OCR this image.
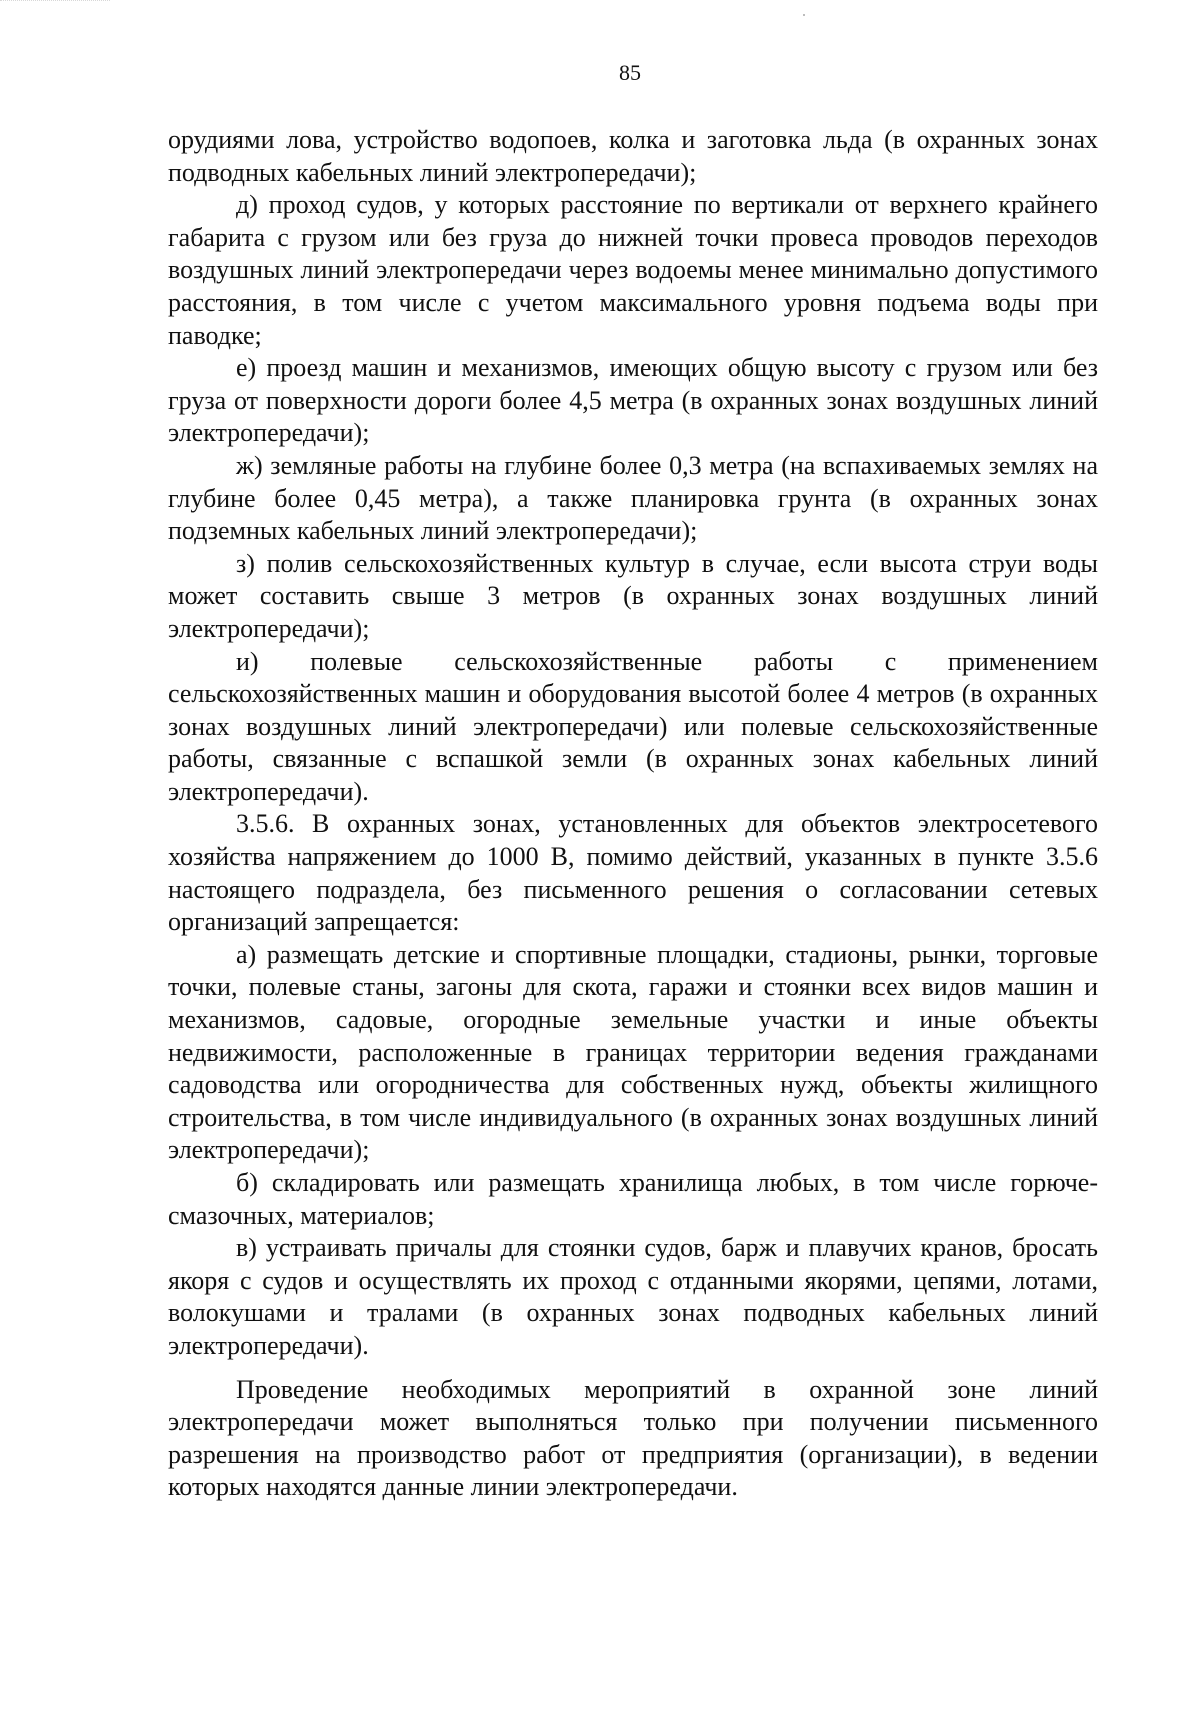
85

орудиями лова, устройство водопоев, колка и заготовка льда (в охранных зонах подводных кабельных линий электропередачи);

д) проход судов, у которых расстояние по вертикали от верхнего крайнего габарита с грузом или без груза до нижней точки провеса проводов переходов воздушных линий электропередачи через водоемы менее минимально допустимого расстояния, в том числе с учетом максимального уровня подъема воды при паводке;

е) проезд машин и механизмов, имеющих общую высоту с грузом или без груза от поверхности дороги более 4,5 метра (в охранных зонах воздушных линий электропередачи);

ж) земляные работы на глубине более 0,3 метра (на вспахиваемых землях на глубине более 0,45 метра), а также планировка грунта (в охранных зонах подземных кабельных линий электропередачи);

з) полив сельскохозяйственных культур в случае, если высота струи воды может составить свыше 3 метров (в охранных зонах воздушных линий электропередачи);

и) полевые сельскохозяйственные работы с применением сельскохозяйственных машин и оборудования высотой более 4 метров (в охранных зонах воздушных линий электропередачи) или полевые сельскохозяйственные работы, связанные с вспашкой земли (в охранных зонах кабельных линий электропередачи).

3.5.6. В охранных зонах, установленных для объектов электросетевого хозяйства напряжением до 1000 В, помимо действий, указанных в пункте 3.5.6 настоящего подраздела, без письменного решения о согласовании сетевых организаций запрещается:

а) размещать детские и спортивные площадки, стадионы, рынки, торговые точки, полевые станы, загоны для скота, гаражи и стоянки всех видов машин и механизмов, садовые, огородные земельные участки и иные объекты недвижимости, расположенные в границах территории ведения гражданами садоводства или огородничества для собственных нужд, объекты жилищного строительства, в том числе индивидуального (в охранных зонах воздушных линий электропередачи);

б) складировать или размещать хранилища любых, в том числе горюче-смазочных, материалов;

в) устраивать причалы для стоянки судов, барж и плавучих кранов, бросать якоря с судов и осуществлять их проход с отданными якорями, цепями, лотами, волокушами и тралами (в охранных зонах подводных кабельных линий электропередачи).

Проведение необходимых мероприятий в охранной зоне линий электропередачи может выполняться только при получении письменного разрешения на производство работ от предприятия (организации), в ведении которых находятся данные линии электропередачи.
